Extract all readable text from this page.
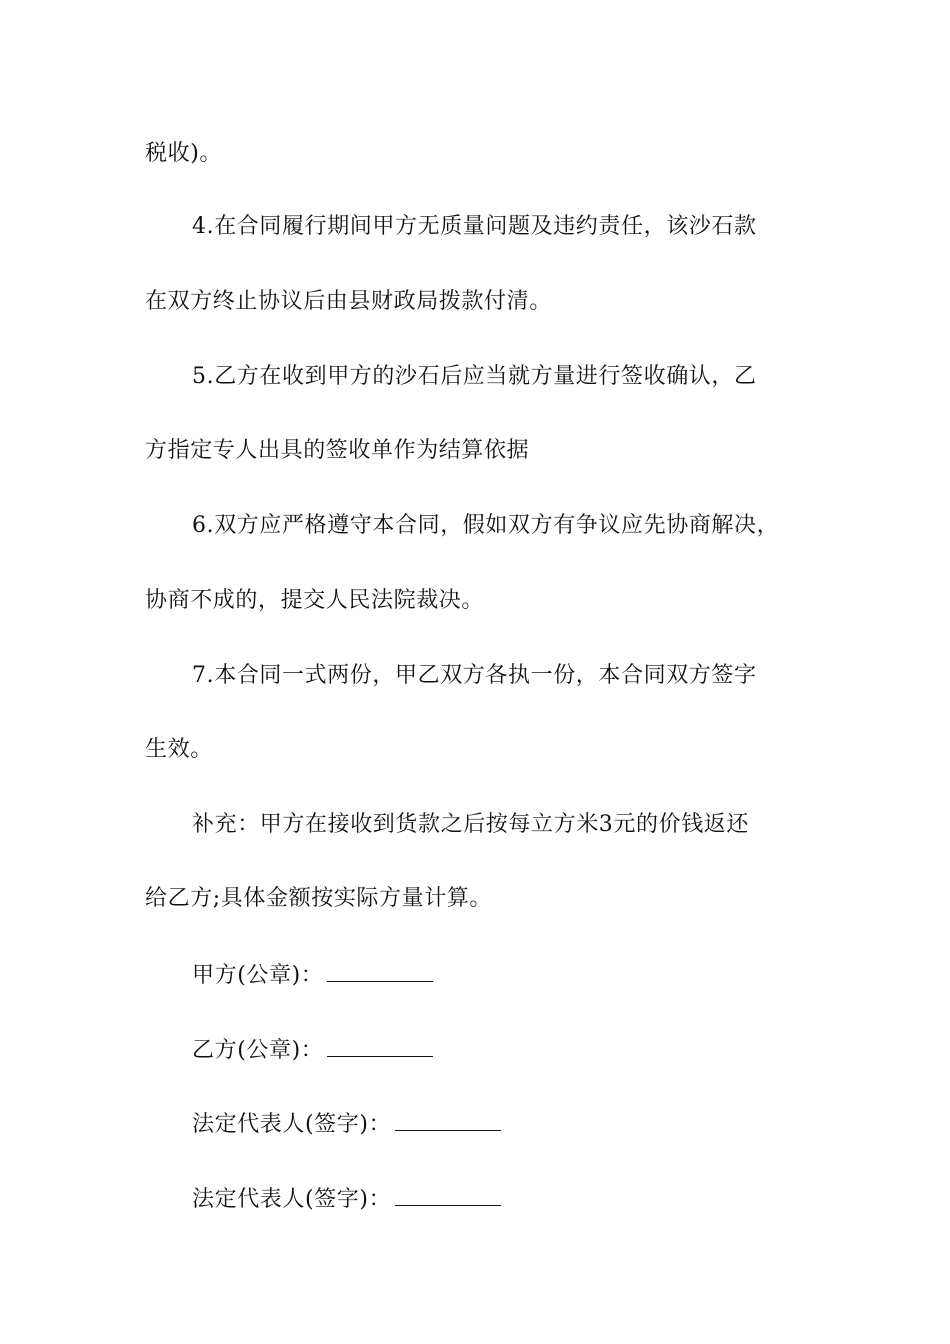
税收)。
4.在合同履行期间甲方无质量问题及违约责任，该沙石款
在双方终止协议后由县财政局拨款付清。
5.乙方在收到甲方的沙石后应当就方量进行签收确认，乙
方指定专人出具的签收单作为结算依据
6.双方应严格遵守本合同，假如双方有争议应先协商解决，
协商不成的，提交人民法院裁决。
7.本合同一式两份，甲乙双方各执一份，本合同双方签字
生效。
补充：甲方在接收到货款之后按每立方米3元的价钱返还
给乙方;具体金额按实际方量计算。
甲方(公章)：
乙方(公章)：
法定代表人(签字)：
法定代表人(签字)：
